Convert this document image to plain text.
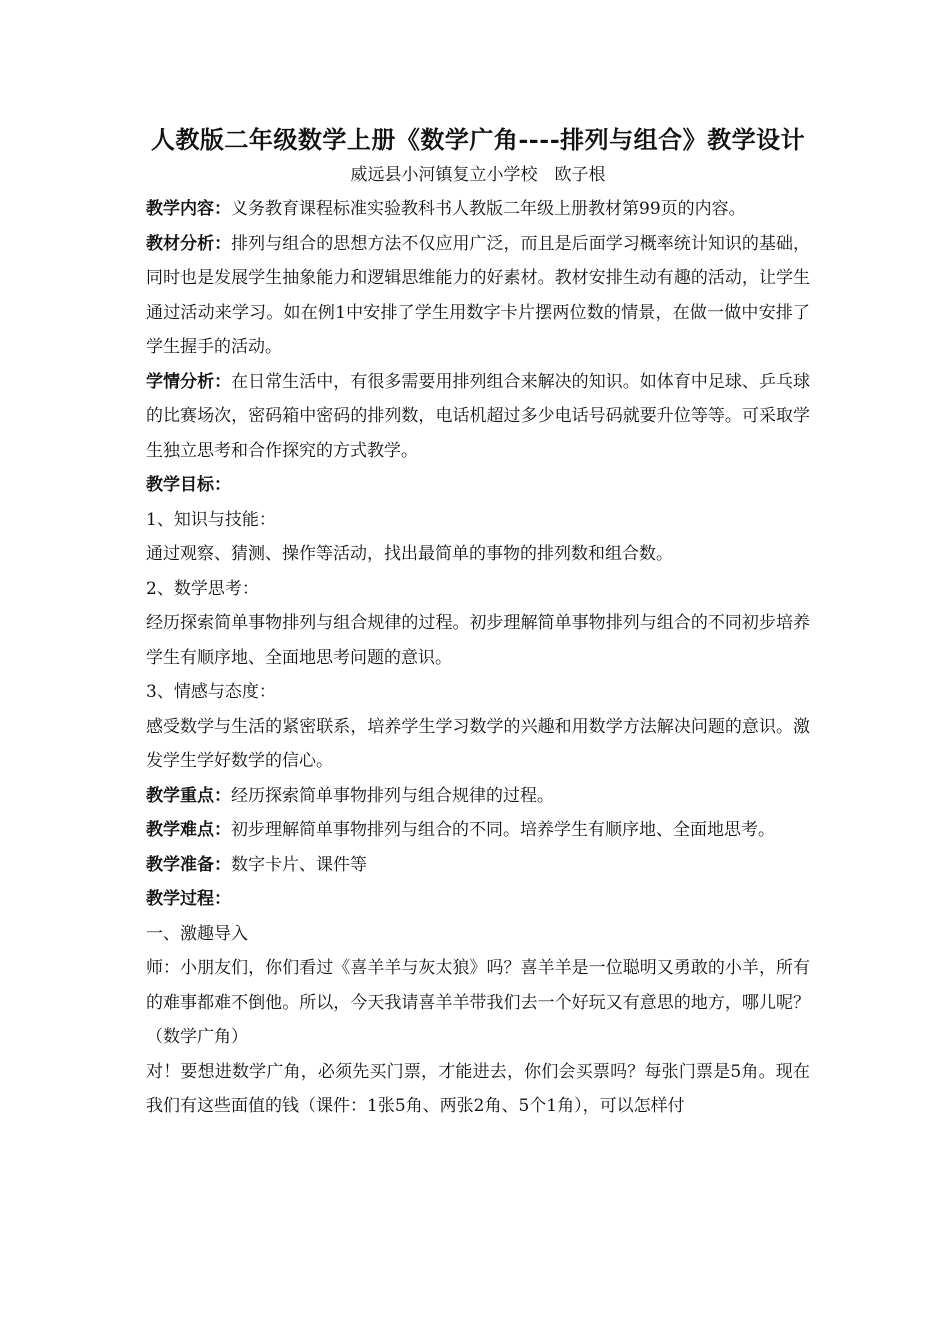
人教版二年级数学上册《数学广角----排列与组合》教学设计
威远县小河镇复立小学校　欧子根

教学内容：义务教育课程标准实验教科书人教版二年级上册教材第99页的内容。

教材分析：排列与组合的思想方法不仅应用广泛，而且是后面学习概率统计知识的基础，同时也是发展学生抽象能力和逻辑思维能力的好素材。教材安排生动有趣的活动，让学生通过活动来学习。如在例1中安排了学生用数字卡片摆两位数的情景，在做一做中安排了学生握手的活动。

学情分析：在日常生活中，有很多需要用排列组合来解决的知识。如体育中足球、乒乓球的比赛场次，密码箱中密码的排列数，电话机超过多少电话号码就要升位等等。可采取学生独立思考和合作探究的方式教学。

教学目标：

1、知识与技能：

通过观察、猜测、操作等活动，找出最简单的事物的排列数和组合数。

2、数学思考：

经历探索简单事物排列与组合规律的过程。初步理解简单事物排列与组合的不同初步培养学生有顺序地、全面地思考问题的意识。

3、情感与态度：

感受数学与生活的紧密联系，培养学生学习数学的兴趣和用数学方法解决问题的意识。激发学生学好数学的信心。

教学重点：经历探索简单事物排列与组合规律的过程。

教学难点：初步理解简单事物排列与组合的不同。培养学生有顺序地、全面地思考。

教学准备：数字卡片、课件等

教学过程：

一、激趣导入

师：小朋友们，你们看过《喜羊羊与灰太狼》吗？喜羊羊是一位聪明又勇敢的小羊，所有的难事都难不倒他。所以，今天我请喜羊羊带我们去一个好玩又有意思的地方，哪儿呢？（数学广角）

对！要想进数学广角，必须先买门票，才能进去，你们会买票吗？每张门票是5角。现在我们有这些面值的钱（课件：1张5角、两张2角、5个1角），可以怎样付
